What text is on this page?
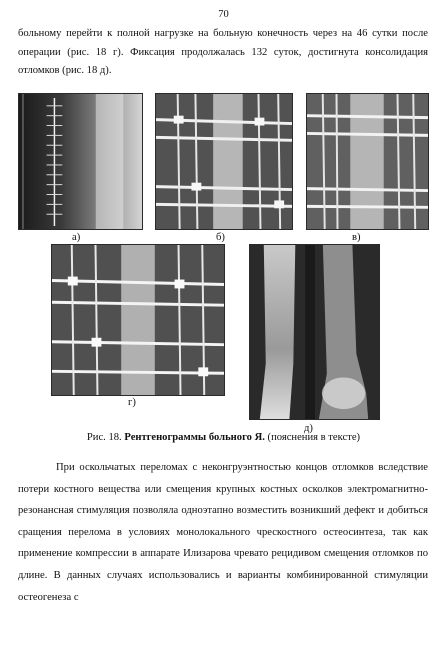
70

больному перейти к полной нагрузке на больную конечность через на 46 сутки после операции (рис. 18 г). Фиксация продолжалась 132 суток, достигнута консолидация отломков (рис. 18 д).

а)	б)	в)
г)
д)
Рис. 18. Рентгенограммы больного Я. (пояснения в тексте)

При оскольчатых переломах с неконгруэнтностью концов отломков вследствие потери костного вещества или смещения крупных костных осколков электромагнитно-резонансная стимуляция позволяла одноэтапно возместить возникший дефект и добиться сращения перелома в условиях монолокального чрескостного остеосинтеза, так как применение компрессии в аппарате Илизарова чревато рецидивом смещения отломков по длине. В данных случаях использовались и варианты комбинированной стимуляции остеогенеза с
